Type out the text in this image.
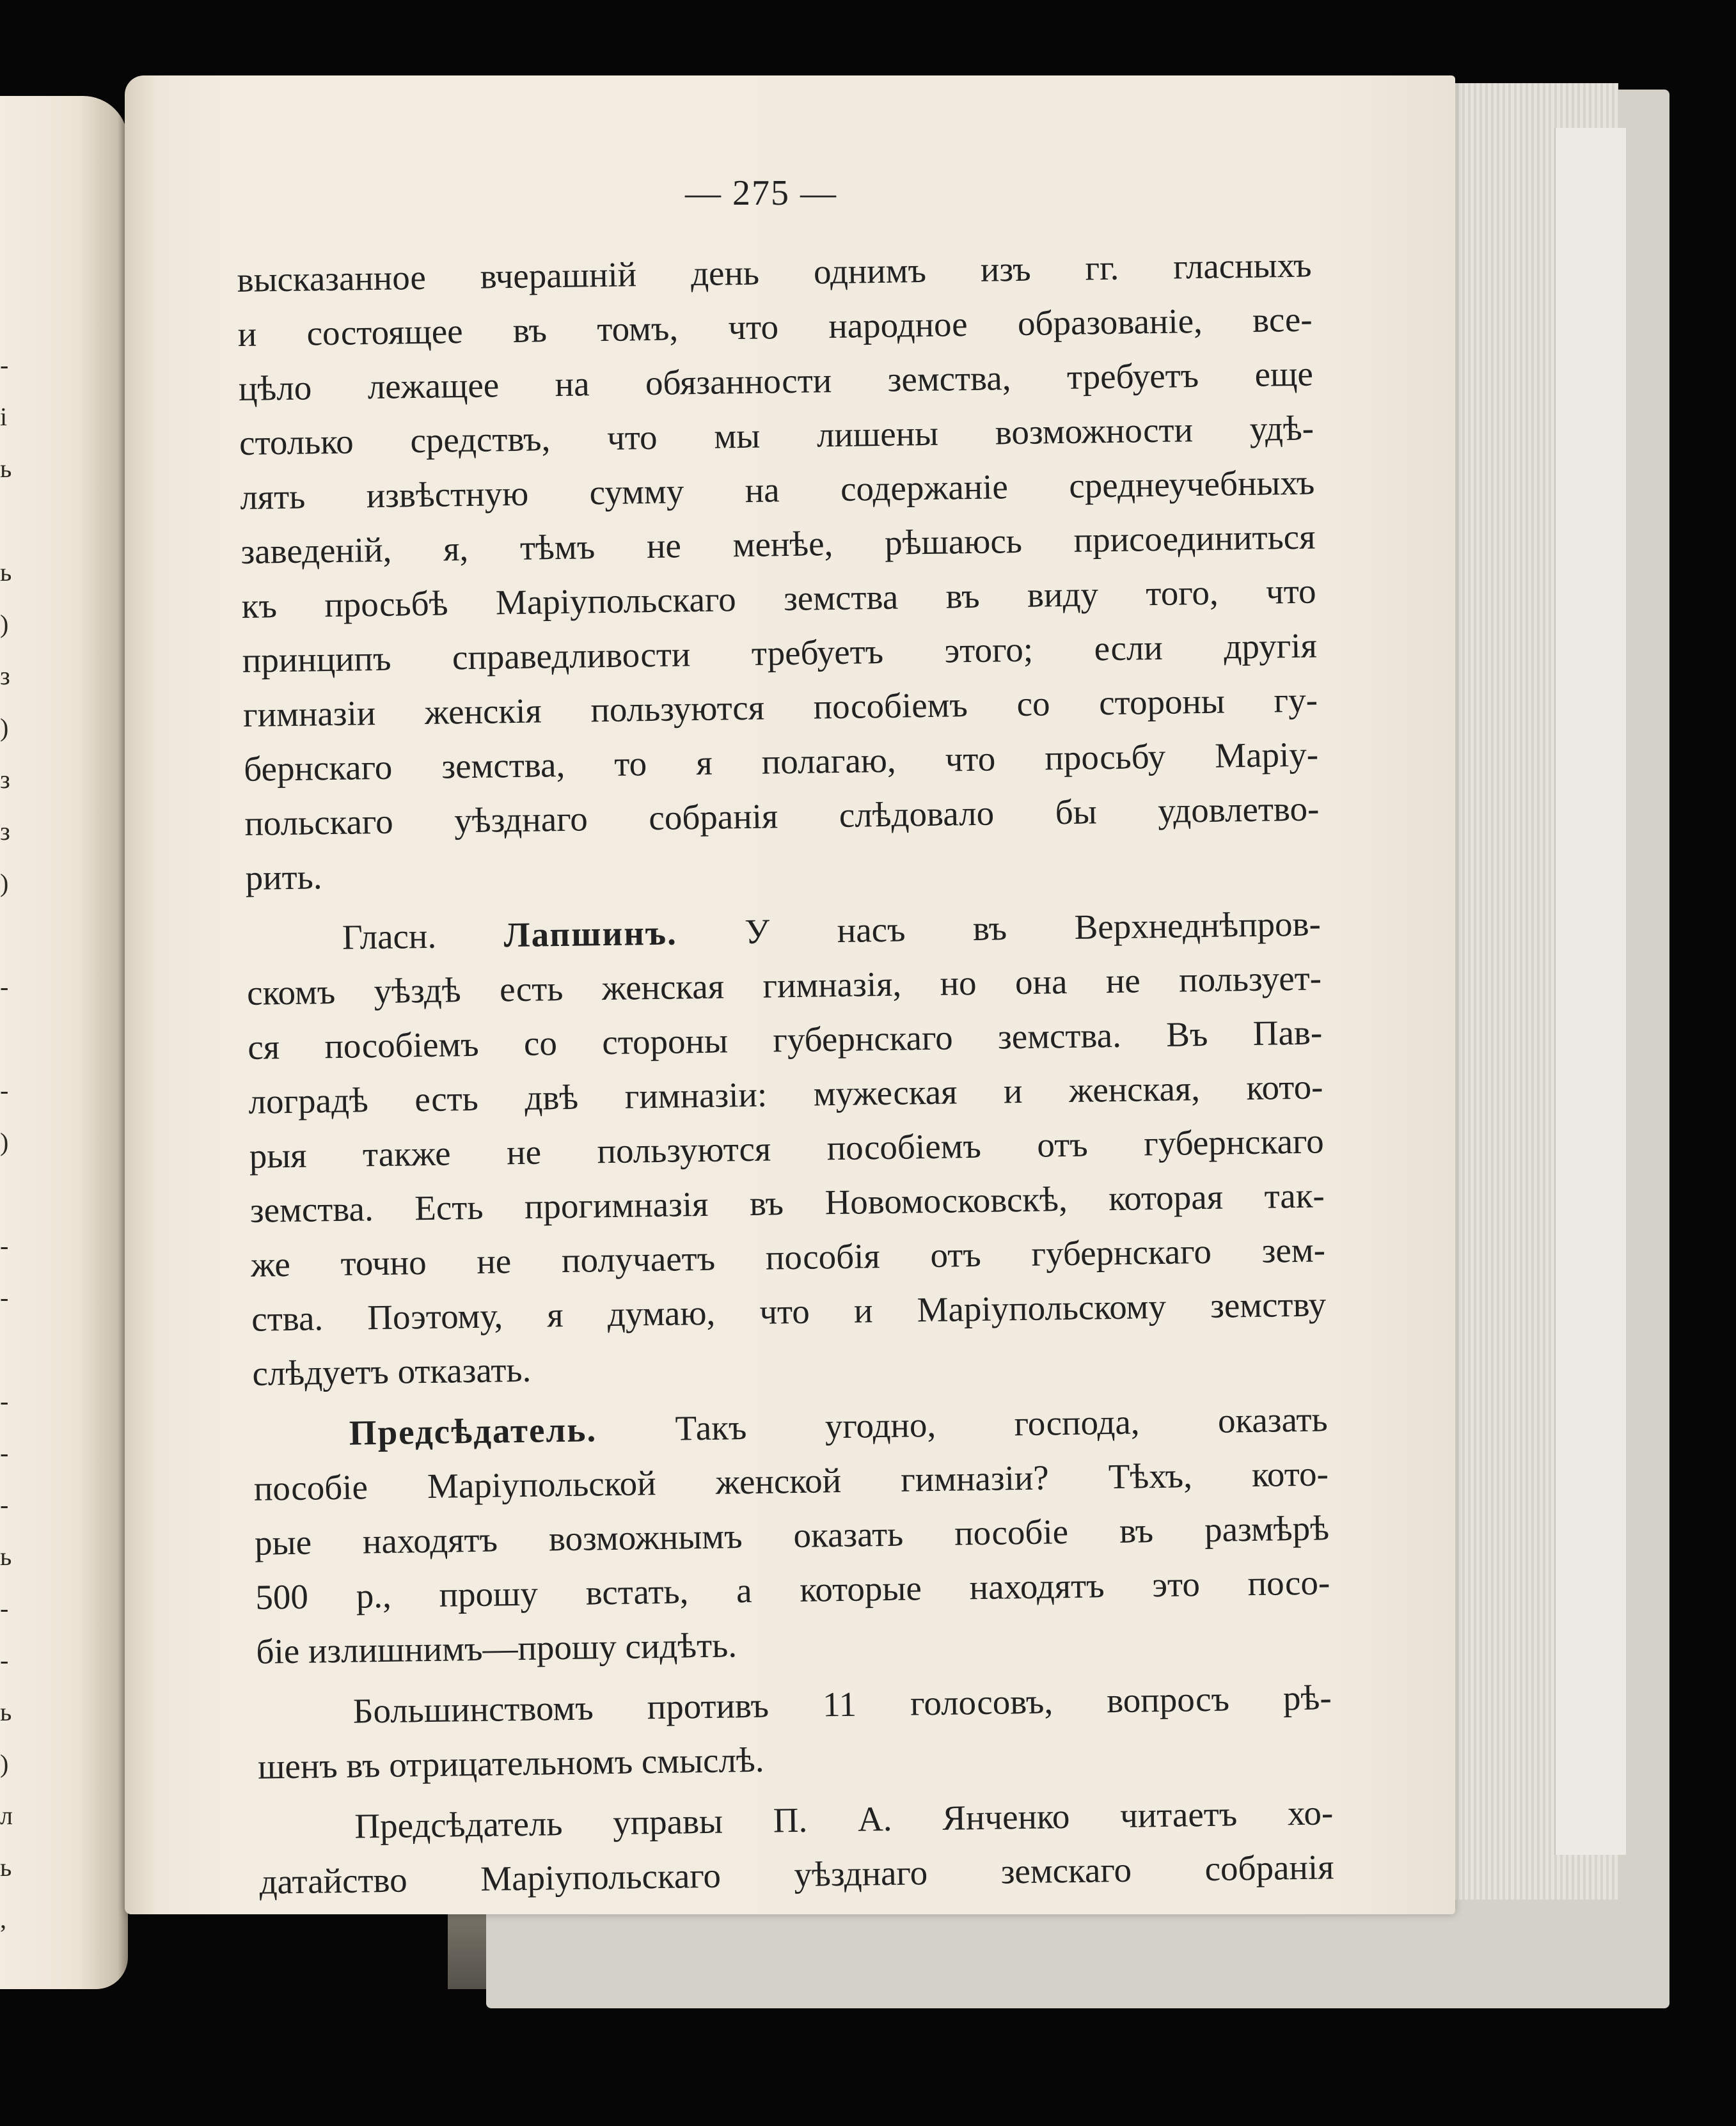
-
і
ь

ь
)
з
)
з
з
)

-

-
)

-
-

-
-
-
ь
-
-
ь
)
л
ь
,
— 275 —
высказанное вчерашній день однимъ изъ гг. гласныхъ
и состоящее въ томъ, что народное образованіе, все-
цѣло лежащее на обязанности земства, требуетъ еще
столько средствъ, что мы лишены возможности удѣ-
лять извѣстную сумму на содержаніе среднеучебныхъ
заведеній, я, тѣмъ не менѣе, рѣшаюсь присоединиться
къ просьбѣ Маріупольскаго земства въ виду того, что
принципъ справедливости требуетъ этого; если другія
гимназіи женскія пользуются пособіемъ со стороны гу-
бернскаго земства, то я полагаю, что просьбу Маріу-
польскаго уѣзднаго собранія слѣдовало бы удовлетво-
рить.
Гласн. Лапшинъ. У насъ въ Верхнеднѣпров-
скомъ уѣздѣ есть женская гимназія, но она не пользует-
ся пособіемъ со стороны губернскаго земства. Въ Пав-
лоградѣ есть двѣ гимназіи: мужеская и женская, кото-
рыя также не пользуются пособіемъ отъ губернскаго
земства. Есть прогимназія въ Новомосковскѣ, которая так-
же точно не получаетъ пособія отъ губернскаго зем-
ства. Поэтому, я думаю, что и Маріупольскому земству
слѣдуетъ отказать.
Предсѣдатель. Такъ угодно, господа, оказать
пособіе Маріупольской женской гимназіи? Тѣхъ, кото-
рые находятъ возможнымъ оказать пособіе въ размѣрѣ
500 р., прошу встать, а которые находятъ это посо-
біе излишнимъ—прошу сидѣть.
Большинствомъ противъ 11 голосовъ, вопросъ рѣ-
шенъ въ отрицательномъ смыслѣ.
Предсѣдатель управы П. А. Янченко читаетъ хо-
датайство Маріупольскаго уѣзднаго земскаго собранія
